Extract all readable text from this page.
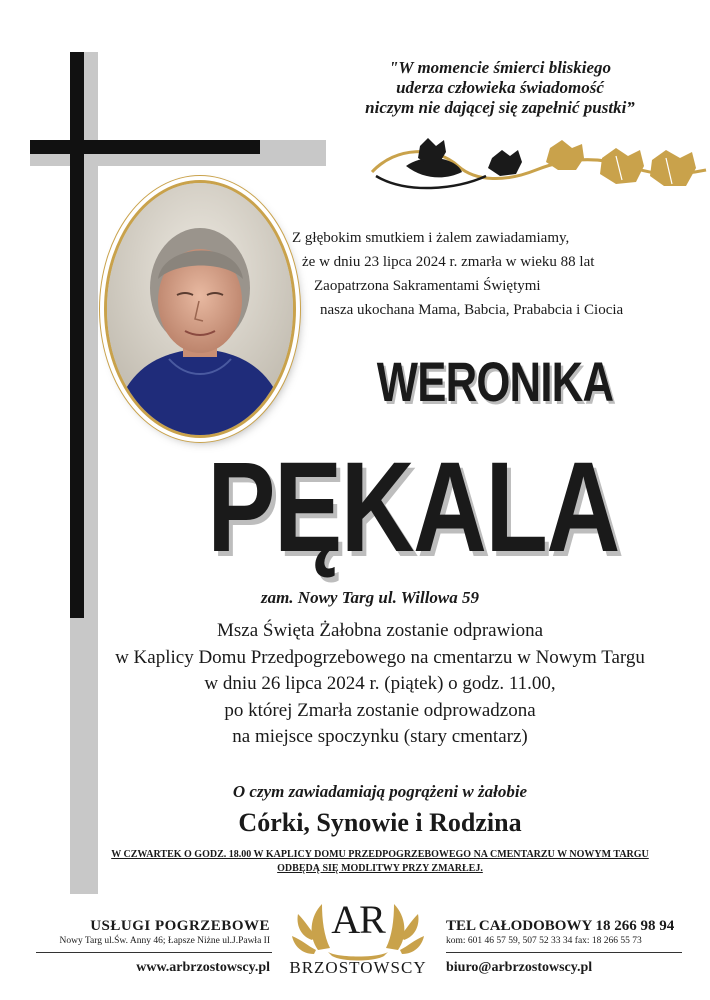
"W momencie śmierci bliskiego
uderza człowieka świadomość
niczym nie dającej się zapełnić pustki”
Z głębokim smutkiem i żalem zawiadamiamy,
że w dniu 23 lipca 2024 r. zmarła w wieku 88 lat
Zaopatrzona Sakramentami Świętymi
nasza ukochana Mama, Babcia, Prababcia i Ciocia
WERONIKA
PĘKALA
zam. Nowy Targ ul. Willowa 59
Msza Święta Żałobna zostanie odprawiona
w Kaplicy Domu Przedpogrzebowego na cmentarzu w Nowym Targu
w dniu 26 lipca 2024 r. (piątek) o godz. 11.00,
po której Zmarła zostanie odprowadzona
na miejsce spoczynku (stary cmentarz)
O czym zawiadamiają pogrążeni w żałobie
Córki, Synowie i Rodzina
W CZWARTEK O GODZ. 18.00 W KAPLICY DOMU PRZEDPOGRZEBOWEGO NA CMENTARZU W NOWYM TARGU
ODBĘDĄ SIĘ MODLITWY PRZY ZMARŁEJ.
USŁUGI POGRZEBOWE
Nowy Targ ul.Św. Anny 46; Łapsze Niżne ul.J.Pawła II
www.arbrzostowscy.pl
AR
BRZOSTOWSCY
TEL CAŁODOBOWY 18 266 98 94
kom: 601 46 57 59, 507 52 33 34 fax: 18 266 55 73
biuro@arbrzostowscy.pl
